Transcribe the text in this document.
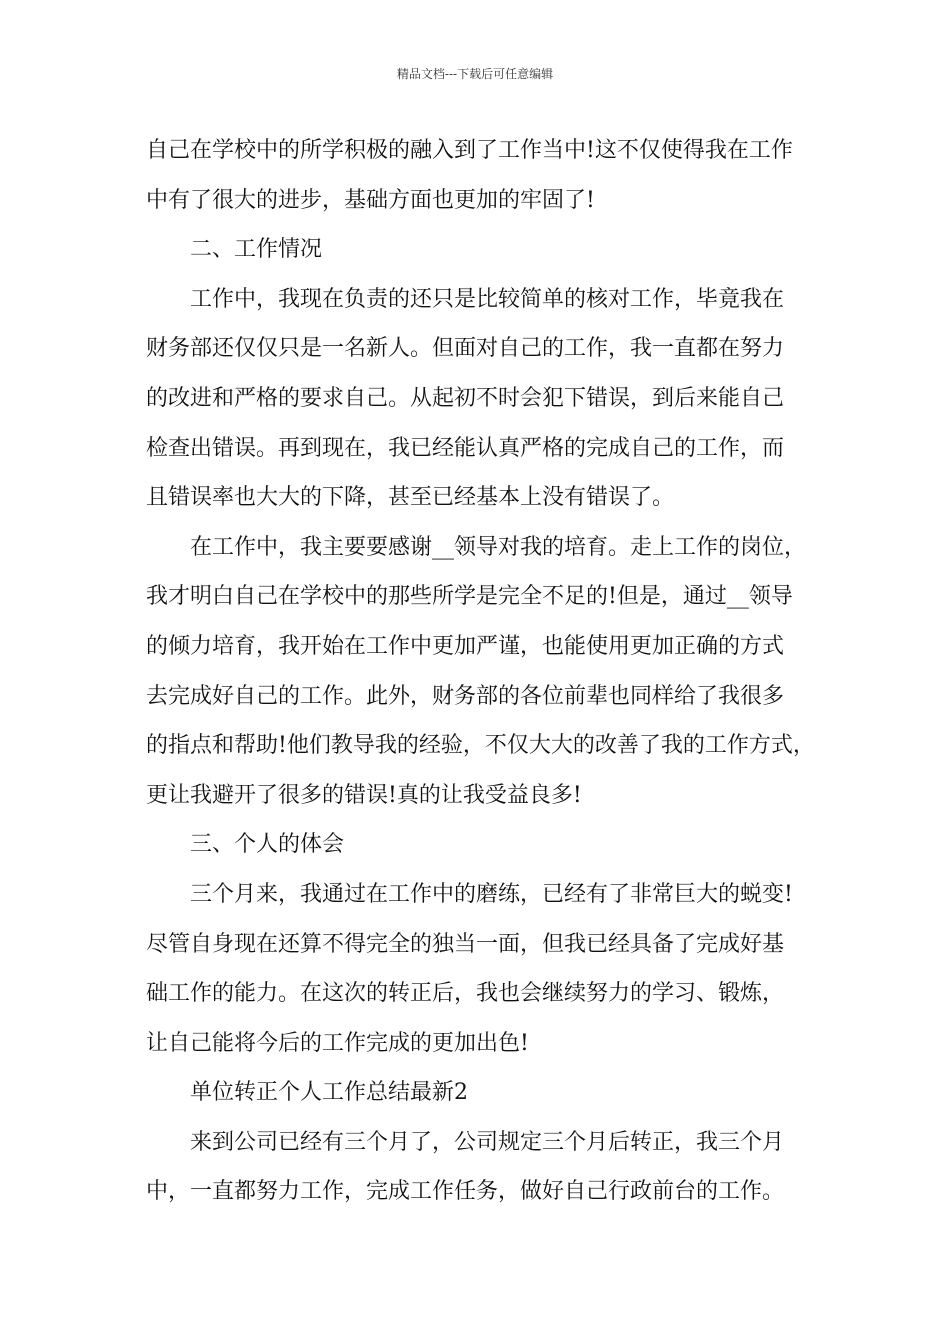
精品文档---下载后可任意编辑
自己在学校中的所学积极的融入到了工作当中!这不仅使得我在工作
中有了很大的进步，基础方面也更加的牢固了!
二、工作情况
工作中，我现在负责的还只是比较简单的核对工作，毕竟我在
财务部还仅仅只是一名新人。但面对自己的工作，我一直都在努力
的改进和严格的要求自己。从起初不时会犯下错误，到后来能自己
检查出错误。再到现在，我已经能认真严格的完成自己的工作，而
且错误率也大大的下降，甚至已经基本上没有错误了。
在工作中，我主要要感谢__领导对我的培育。走上工作的岗位，
我才明白自己在学校中的那些所学是完全不足的!但是，通过__领导
的倾力培育，我开始在工作中更加严谨，也能使用更加正确的方式
去完成好自己的工作。此外，财务部的各位前辈也同样给了我很多
的指点和帮助!他们教导我的经验，不仅大大的改善了我的工作方式，
更让我避开了很多的错误!真的让我受益良多!
三、个人的体会
三个月来，我通过在工作中的磨练，已经有了非常巨大的蜕变!
尽管自身现在还算不得完全的独当一面，但我已经具备了完成好基
础工作的能力。在这次的转正后，我也会继续努力的学习、锻炼，
让自己能将今后的工作完成的更加出色!
单位转正个人工作总结最新2
来到公司已经有三个月了，公司规定三个月后转正，我三个月
中，一直都努力工作，完成工作任务，做好自己行政前台的工作。
